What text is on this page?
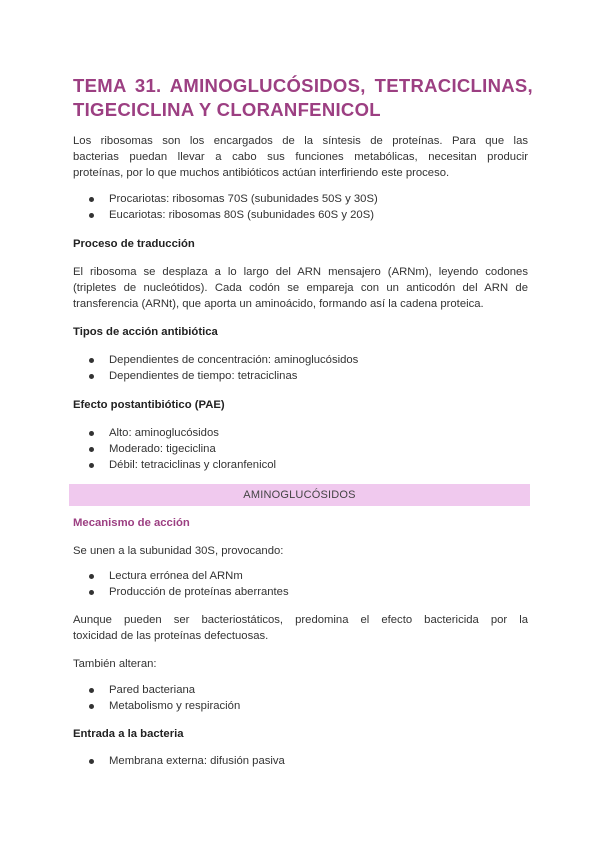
TEMA 31. AMINOGLUCÓSIDOS, TETRACICLINAS,
TIGECICLINA Y CLORANFENICOL

Los ribosomas son los encargados de la síntesis de proteínas. Para que las
bacterias puedan llevar a cabo sus funciones metabólicas, necesitan producir
proteínas, por lo que muchos antibióticos actúan interfiriendo este proceso.

Procariotas: ribosomas 70S (subunidades 50S y 30S)
Eucariotas: ribosomas 80S (subunidades 60S y 20S)

Proceso de traducción

El ribosoma se desplaza a lo largo del ARN mensajero (ARNm), leyendo codones
(tripletes de nucleótidos). Cada codón se empareja con un anticodón del ARN de
transferencia (ARNt), que aporta un aminoácido, formando así la cadena proteica.

Tipos de acción antibiótica

Dependientes de concentración: aminoglucósidos
Dependientes de tiempo: tetraciclinas

Efecto postantibiótico (PAE)

Alto: aminoglucósidos
Moderado: tigeciclina
Débil: tetraciclinas y cloranfenicol
AMINOGLUCÓSIDOS

Mecanismo de acción

Se unen a la subunidad 30S, provocando:

Lectura errónea del ARNm
Producción de proteínas aberrantes

Aunque pueden ser bacteriostáticos, predomina el efecto bactericida por la
toxicidad de las proteínas defectuosas.

También alteran:

Pared bacteriana
Metabolismo y respiración

Entrada a la bacteria

Membrana externa: difusión pasiva
